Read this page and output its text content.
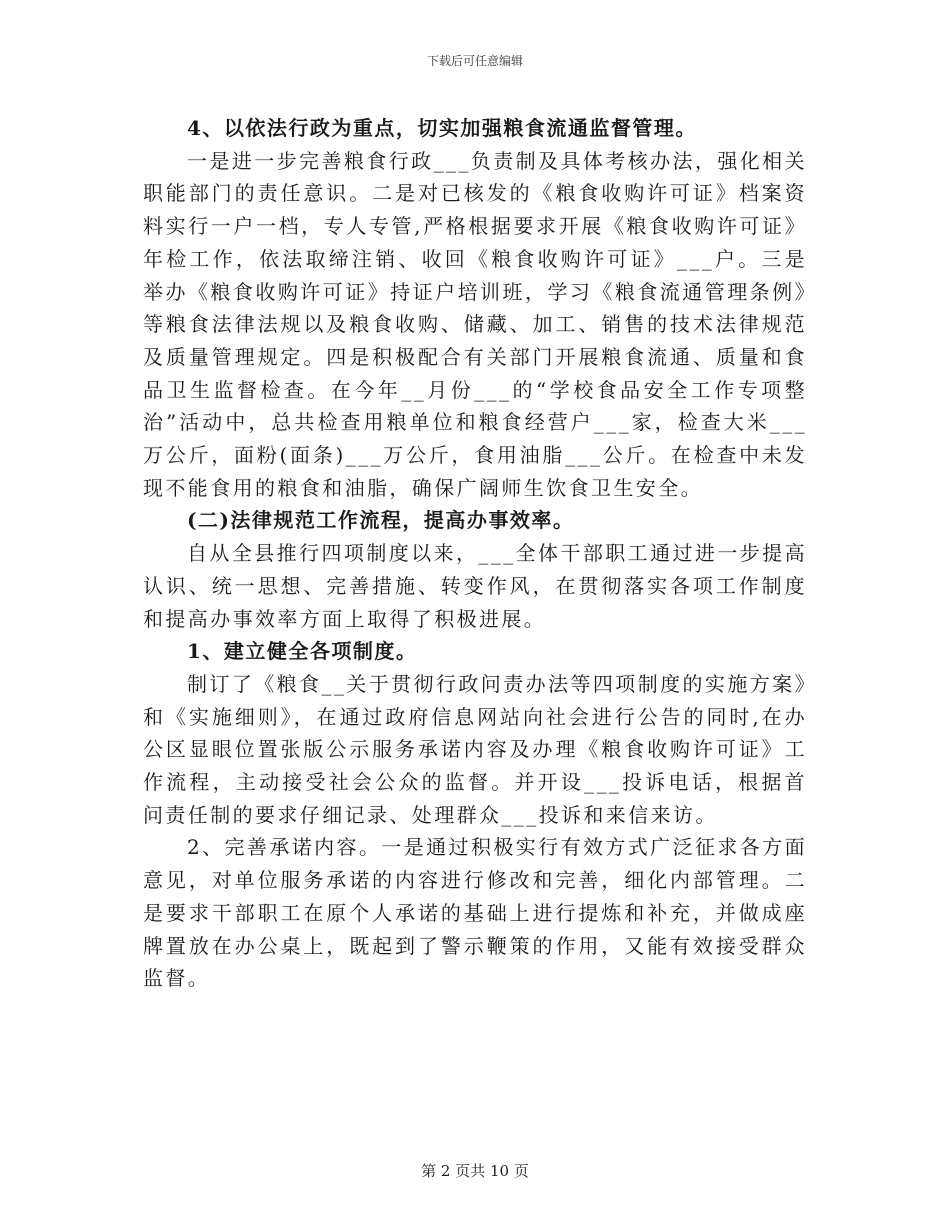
下载后可任意编辑

4、以依法行政为重点，切实加强粮食流通监督管理。

一是进一步完善粮食行政___负责制及具体考核办法，强化相关职能部门的责任意识。二是对已核发的《粮食收购许可证》档案资料实行一户一档，专人专管,严格根据要求开展《粮食收购许可证》年检工作，依法取缔注销、收回《粮食收购许可证》___户。三是举办《粮食收购许可证》持证户培训班，学习《粮食流通管理条例》等粮食法律法规以及粮食收购、储藏、加工、销售的技术法律规范及质量管理规定。四是积极配合有关部门开展粮食流通、质量和食品卫生监督检查。在今年__月份___的“学校食品安全工作专项整治”活动中，总共检查用粮单位和粮食经营户___家，检查大米___万公斤，面粉(面条)___万公斤，食用油脂___公斤。在检查中未发现不能食用的粮食和油脂，确保广阔师生饮食卫生安全。

(二)法律规范工作流程，提高办事效率。

自从全县推行四项制度以来，___全体干部职工通过进一步提高认识、统一思想、完善措施、转变作风，在贯彻落实各项工作制度和提高办事效率方面上取得了积极进展。

1、建立健全各项制度。

制订了《粮食__关于贯彻行政问责办法等四项制度的实施方案》和《实施细则》，在通过政府信息网站向社会进行公告的同时,在办公区显眼位置张版公示服务承诺内容及办理《粮食收购许可证》工作流程，主动接受社会公众的监督。并开设___投诉电话，根据首问责任制的要求仔细记录、处理群众___投诉和来信来访。

2、完善承诺内容。一是通过积极实行有效方式广泛征求各方面意见，对单位服务承诺的内容进行修改和完善，细化内部管理。二是要求干部职工在原个人承诺的基础上进行提炼和补充，并做成座牌置放在办公桌上，既起到了警示鞭策的作用，又能有效接受群众监督。

第 2 页共 10 页
